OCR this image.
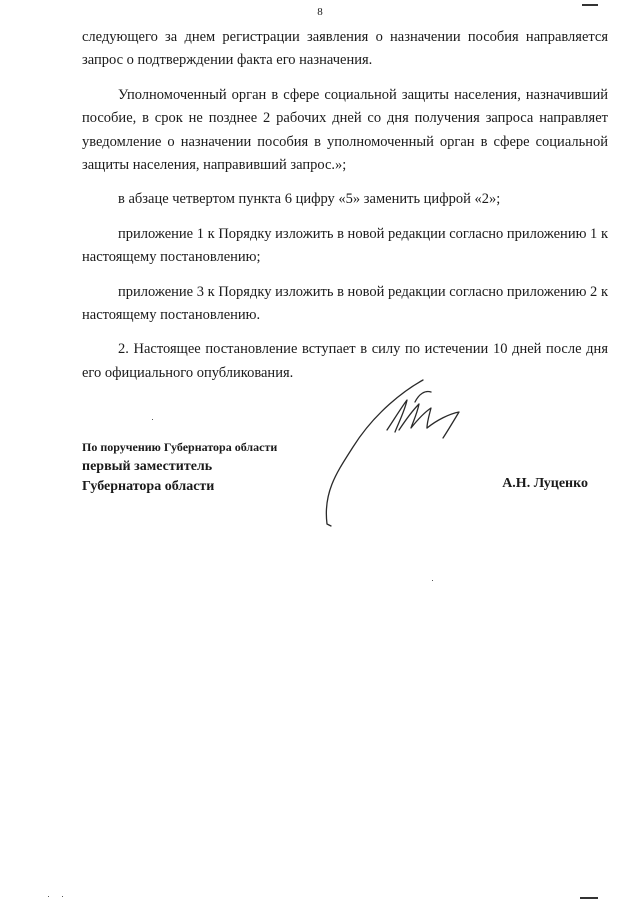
8

следующего за днем регистрации заявления о назначении пособия направляется запрос о подтверждении факта его назначения.

Уполномоченный орган в сфере социальной защиты населения, назначивший пособие, в срок не позднее 2 рабочих дней со дня получения запроса направляет уведомление о назначении пособия в уполномоченный орган в сфере социальной защиты населения, направивший запрос.»;

в абзаце четвертом пункта 6 цифру «5» заменить цифрой «2»;

приложение 1 к Порядку изложить в новой редакции согласно приложению 1 к настоящему постановлению;

приложение 3 к Порядку изложить в новой редакции согласно приложению 2 к настоящему постановлению.

2. Настоящее постановление вступает в силу по истечении 10 дней после дня его официального опубликования.

По поручению Губернатора области
первый заместитель
Губернатора области	А.Н. Луценко
